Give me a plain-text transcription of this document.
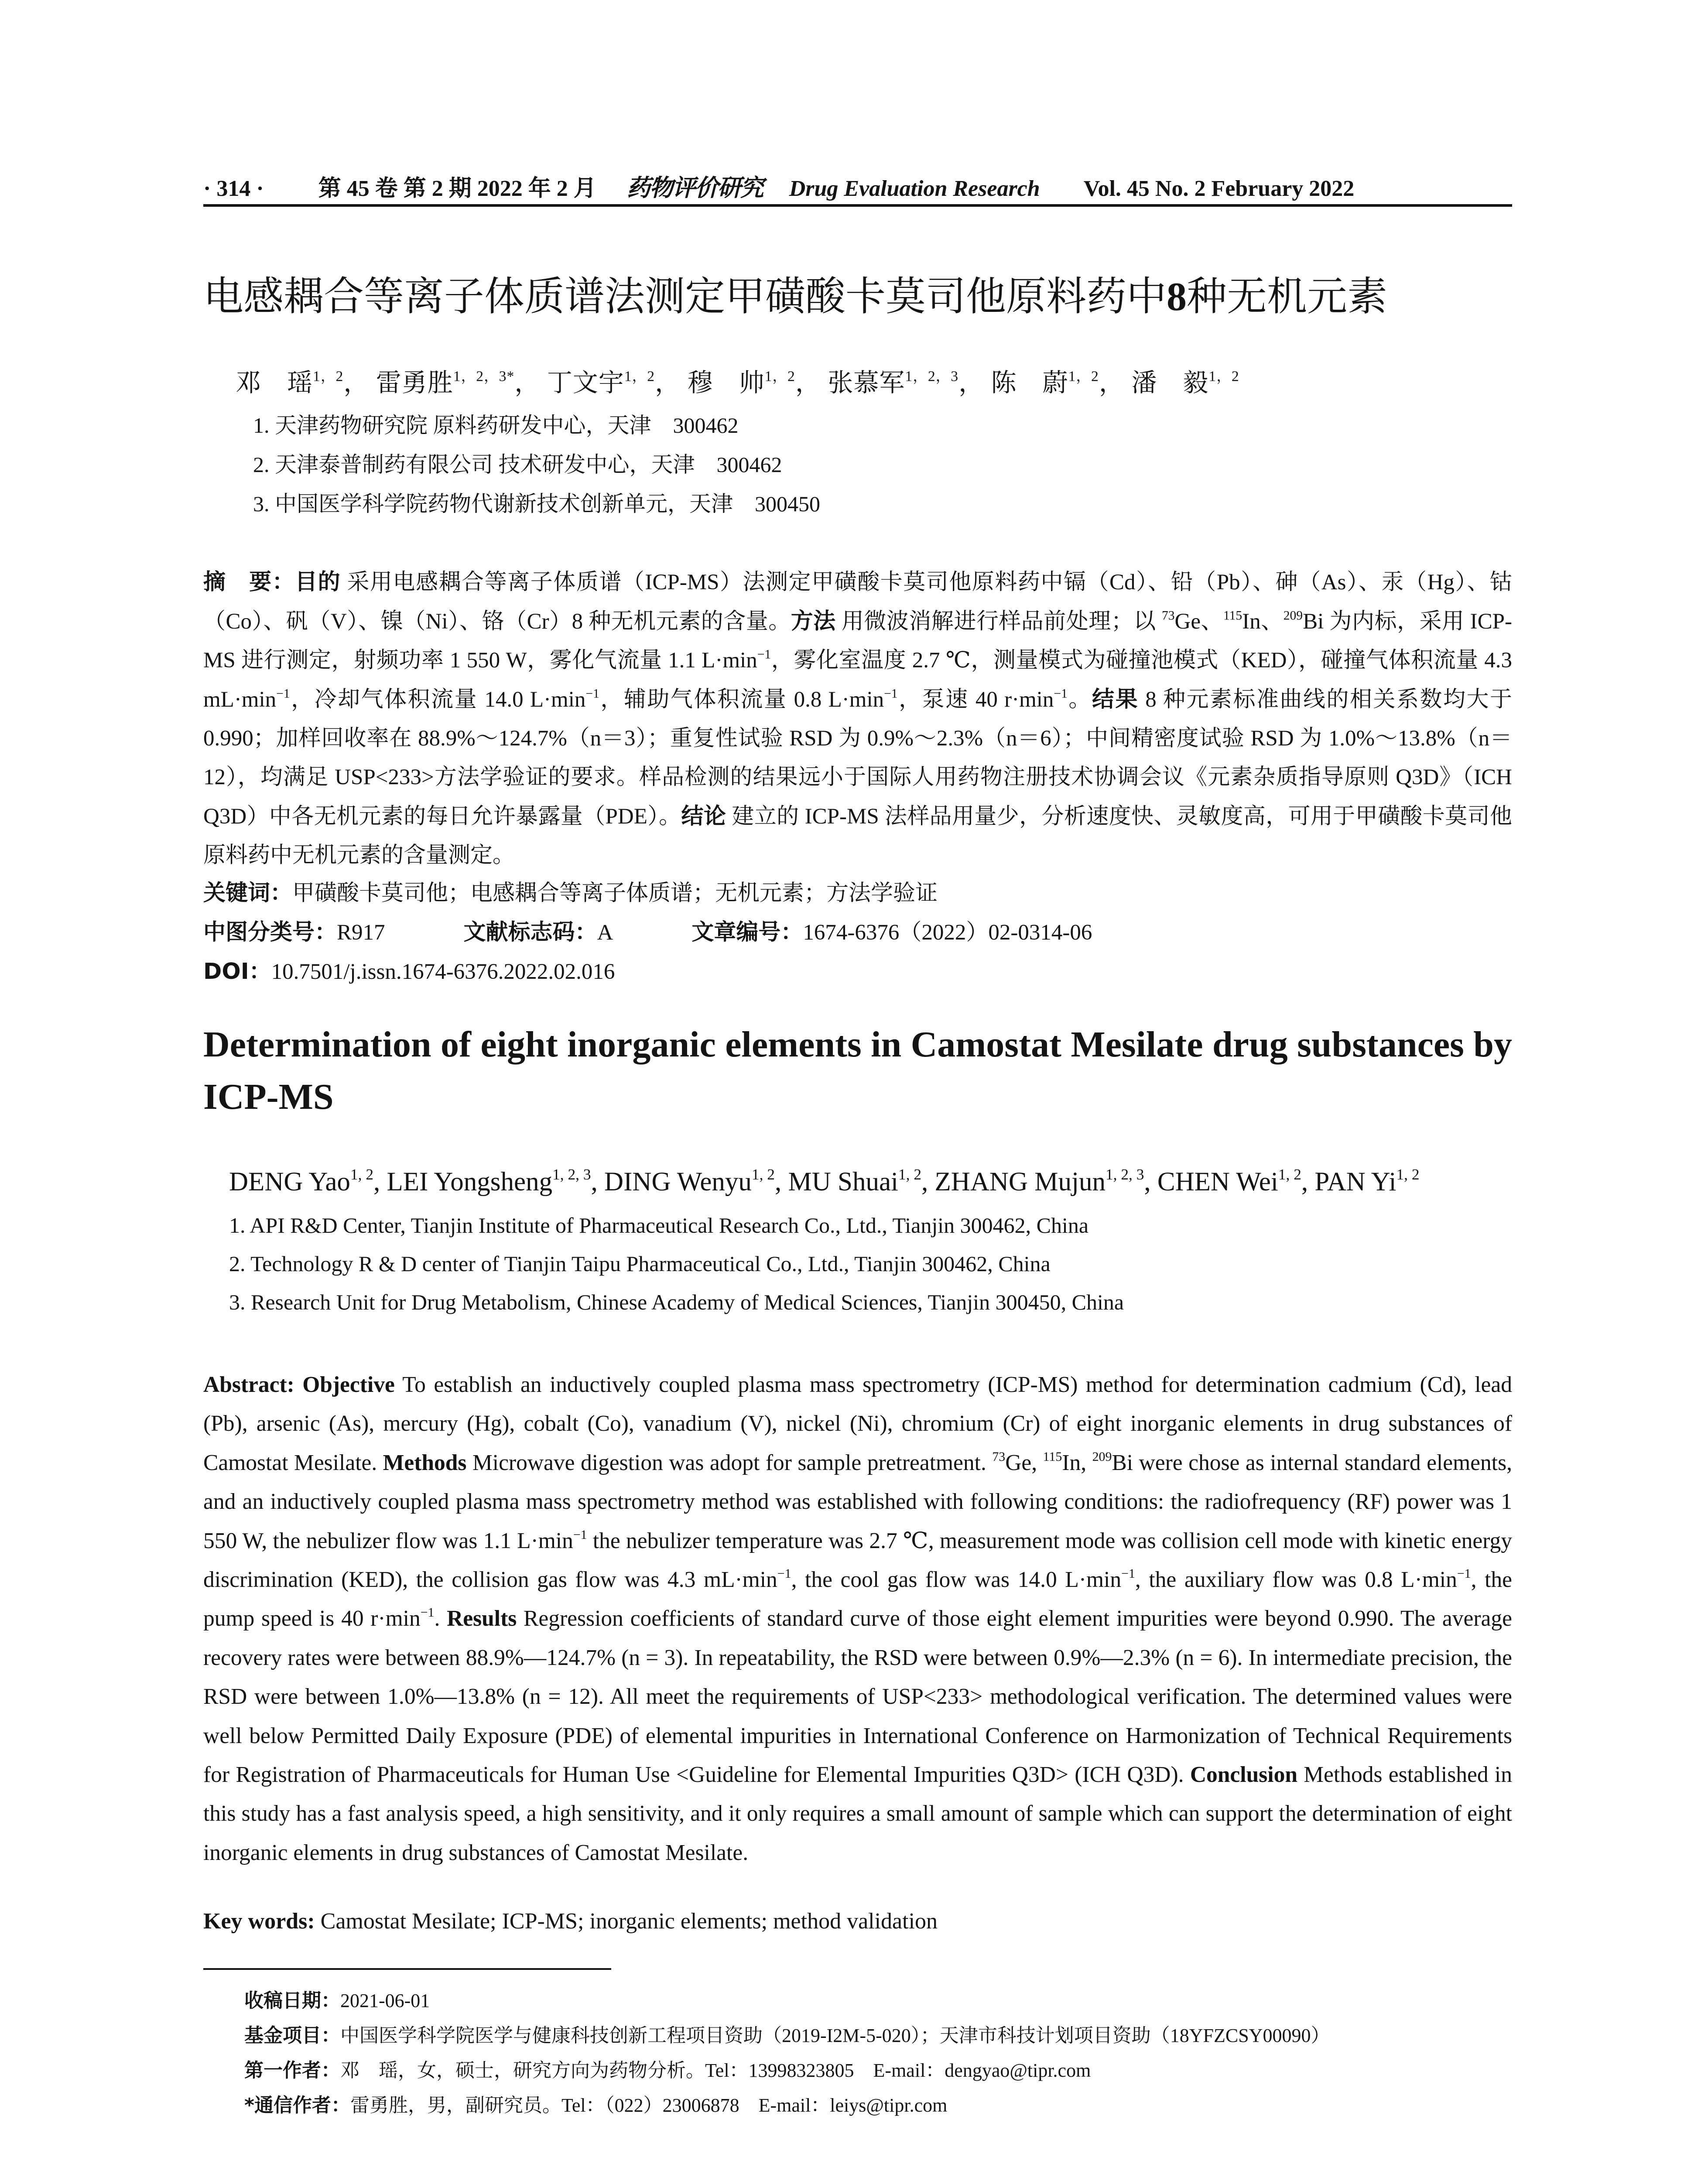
· 314 · 第 45 卷 第 2 期 2022 年 2 月 药物评价研究 Drug Evaluation Research Vol. 45 No. 2 February 2022
电感耦合等离子体质谱法测定甲磺酸卡莫司他原料药中8种无机元素
邓　瑶$^{1,2}$， 雷勇胜$^{1,2,3*}$， 丁文宇$^{1,2}$， 穆　帅$^{1,2}$， 张慕军$^{1,2,3}$， 陈　蔚$^{1,2}$， 潘　毅$^{1,2}$
1. 天津药物研究院 原料药研发中心，天津　300462
2. 天津泰普制药有限公司 技术研发中心，天津　300462
3. 中国医学科学院药物代谢新技术创新单元，天津　300450
摘　要：目的 采用电感耦合等离子体质谱（ICP-MS）法测定甲磺酸卡莫司他原料药中镉（Cd）、铅（Pb）、砷（As）、汞（Hg）、钴（Co）、矾（V）、镍（Ni）、铬（Cr）8 种无机元素的含量。方法 用微波消解进行样品前处理；以 $^{73}$Ge、$^{115}$In、$^{209}$Bi 为内标，采用 ICP-MS 进行测定，射频功率 1 550 W，雾化气流量 1.1 $L\cdot\min^{-1}$，雾化室温度 2.7 ℃，测量模式为碰撞池模式（KED），碰撞气体积流量 4.3 $mL\cdot\min^{-1}$，冷却气体积流量 14.0 $L\cdot\min^{-1}$，辅助气体积流量 0.8 $L\cdot\min^{-1}$，泵速 40 $r\cdot\min^{-1}$。结果 8 种元素标准曲线的相关系数均大于 0.990；加样回收率在 88.9%～124.7%（n＝3）；重复性试验 RSD 为 0.9%～2.3%（n＝6）；中间精密度试验 RSD 为 1.0%～13.8%（n＝12），均满足 USP<233>方法学验证的要求。样品检测的结果远小于国际人用药物注册技术协调会议《元素杂质指导原则 Q3D》（ICH Q3D）中各无机元素的每日允许暴露量（PDE）。结论 建立的 ICP-MS 法样品用量少，分析速度快、灵敏度高，可用于甲磺酸卡莫司他原料药中无机元素的含量测定。
关键词：甲磺酸卡莫司他；电感耦合等离子体质谱；无机元素；方法学验证
中图分类号：R917	文献标志码：A	文章编号：1674-6376（2022）02-0314-06
DOI：10.7501/j.issn.1674-6376.2022.02.016
Determination of eight inorganic elements in Camostat Mesilate drug substances by ICP-MS
DENG Yao$^{1, 2}$, LEI Yongsheng$^{1, 2, 3}$, DING Wenyu$^{1, 2}$, MU Shuai$^{1, 2}$, ZHANG Mujun$^{1, 2, 3}$, CHEN Wei$^{1, 2}$, PAN Yi$^{1, 2}$
1. API R&D Center, Tianjin Institute of Pharmaceutical Research Co., Ltd., Tianjin 300462, China
2. Technology R & D center of Tianjin Taipu Pharmaceutical Co., Ltd., Tianjin 300462, China
3. Research Unit for Drug Metabolism, Chinese Academy of Medical Sciences, Tianjin 300450, China
Abstract: Objective To establish an inductively coupled plasma mass spectrometry (ICP-MS) method for determination cadmium (Cd), lead (Pb), arsenic (As), mercury (Hg), cobalt (Co), vanadium (V), nickel (Ni), chromium (Cr) of eight inorganic elements in drug substances of Camostat Mesilate. Methods Microwave digestion was adopt for sample pretreatment. $^{73}$Ge, $^{115}$In, $^{209}$Bi were chose as internal standard elements, and an inductively coupled plasma mass spectrometry method was established with following conditions: the radiofrequency (RF) power was 1 550 W, the nebulizer flow was 1.1 $L\cdot\min^{-1}$ the nebulizer temperature was 2.7 ℃, measurement mode was collision cell mode with kinetic energy discrimination (KED), the collision gas flow was 4.3 $mL\cdot\min^{-1}$, the cool gas flow was 14.0 $L\cdot\min^{-1}$, the auxiliary flow was 0.8 $L\cdot\min^{-1}$, the pump speed is 40 $r\cdot\min^{-1}$. Results Regression coefficients of standard curve of those eight element impurities were beyond 0.990. The average recovery rates were between 88.9%—124.7% (n = 3). In repeatability, the RSD were between 0.9%—2.3% (n = 6). In intermediate precision, the RSD were between 1.0%—13.8% (n = 12). All meet the requirements of USP<233> methodological verification. The determined values were well below Permitted Daily Exposure (PDE) of elemental impurities in International Conference on Harmonization of Technical Requirements for Registration of Pharmaceuticals for Human Use <Guideline for Elemental Impurities Q3D> (ICH Q3D). Conclusion Methods established in this study has a fast analysis speed, a high sensitivity, and it only requires a small amount of sample which can support the determination of eight inorganic elements in drug substances of Camostat Mesilate.
Key words: Camostat Mesilate; ICP-MS; inorganic elements; method validation
收稿日期：2021-06-01
基金项目：中国医学科学院医学与健康科技创新工程项目资助（2019-I2M-5-020）；天津市科技计划项目资助（18YFZCSY00090）
第一作者：邓　瑶，女，硕士，研究方向为药物分析。Tel：13998323805　E-mail：dengyao@tipr.com
*通信作者：雷勇胜，男，副研究员。Tel：（022）23006878　E-mail：leiys@tipr.com
